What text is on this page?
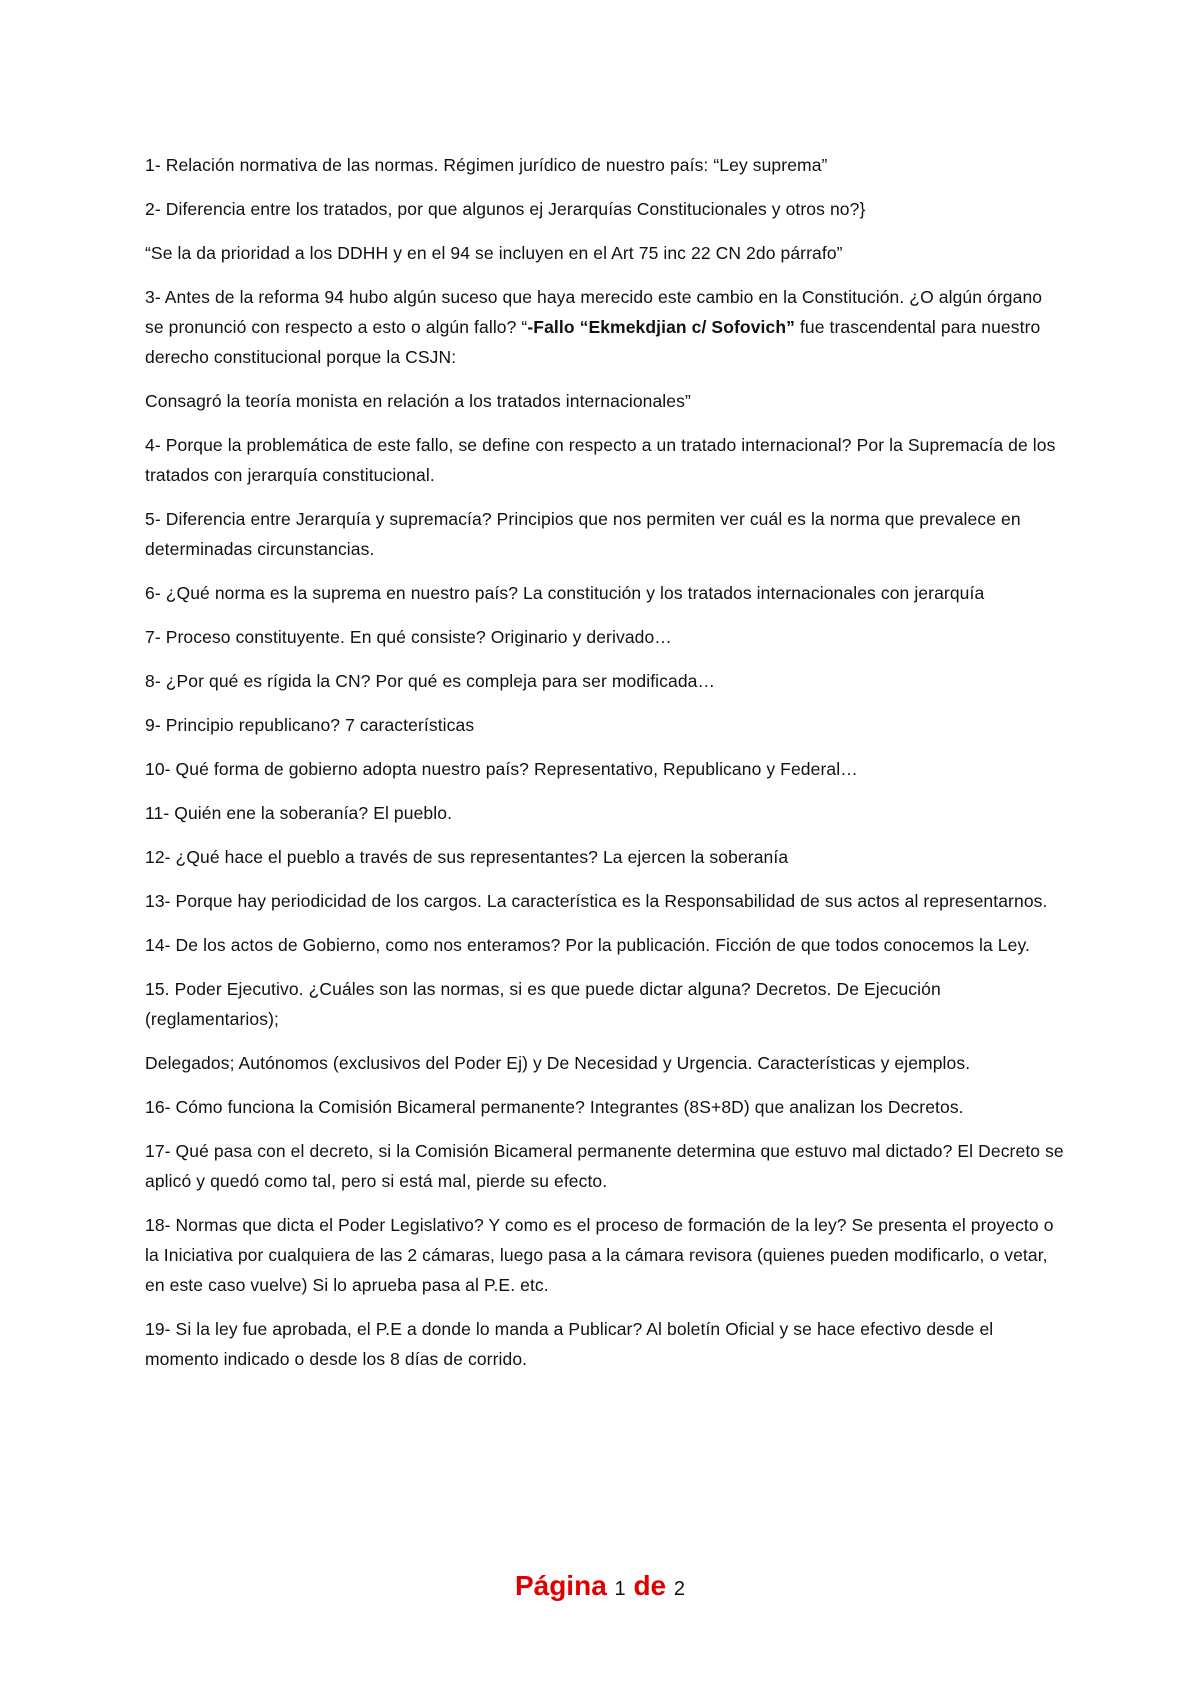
1- Relación normativa de las normas. Régimen jurídico de nuestro país: “Ley suprema”

2- Diferencia entre los tratados, por que algunos ej Jerarquías Constitucionales y otros no?}

“Se la da prioridad a los DDHH y en el 94 se incluyen en el Art 75 inc 22 CN 2do párrafo”

3- Antes de la reforma 94 hubo algún suceso que haya merecido este cambio en la Constitución. ¿O algún órgano se pronunció con respecto a esto o algún fallo? “-Fallo “Ekmekdjian c/ Sofovich” fue trascendental para nuestro derecho constitucional porque la CSJN:

Consagró la teoría monista en relación a los tratados internacionales”

4- Porque la problemática de este fallo, se define con respecto a un tratado internacional? Por la Supremacía de los tratados con jerarquía constitucional.

5- Diferencia entre Jerarquía y supremacía? Principios que nos permiten ver cuál es la norma que prevalece en determinadas circunstancias.

6- ¿Qué norma es la suprema en nuestro país? La constitución y los tratados internacionales con jerarquía

7- Proceso constituyente. En qué consiste? Originario y derivado…

8- ¿Por qué es rígida la CN? Por qué es compleja para ser modificada…

9- Principio republicano? 7 características

10- Qué forma de gobierno adopta nuestro país? Representativo, Republicano y Federal…

11- Quién ene la soberanía? El pueblo.

12- ¿Qué hace el pueblo a través de sus representantes? La ejercen la soberanía

13- Porque hay periodicidad de los cargos. La característica es la Responsabilidad de sus actos al representarnos.

14- De los actos de Gobierno, como nos enteramos? Por la publicación. Ficción de que todos conocemos la Ley.

15. Poder Ejecutivo. ¿Cuáles son las normas, si es que puede dictar alguna? Decretos. De Ejecución (reglamentarios);

Delegados; Autónomos (exclusivos del Poder Ej) y De Necesidad y Urgencia. Características y ejemplos.

16- Cómo funciona la Comisión Bicameral permanente? Integrantes (8S+8D) que analizan los Decretos.

17- Qué pasa con el decreto, si la Comisión Bicameral permanente determina que estuvo mal dictado? El Decreto se aplicó y quedó como tal, pero si está mal, pierde su efecto.

18- Normas que dicta el Poder Legislativo? Y como es el proceso de formación de la ley? Se presenta el proyecto o la Iniciativa por cualquiera de las 2 cámaras, luego pasa a la cámara revisora (quienes pueden modificarlo, o vetar, en este caso vuelve) Si lo aprueba pasa al P.E. etc.

19- Si la ley fue aprobada, el P.E a donde lo manda a Publicar? Al boletín Oficial y se hace efectivo desde el momento indicado o desde los 8 días de corrido.

Página 1 de 2
